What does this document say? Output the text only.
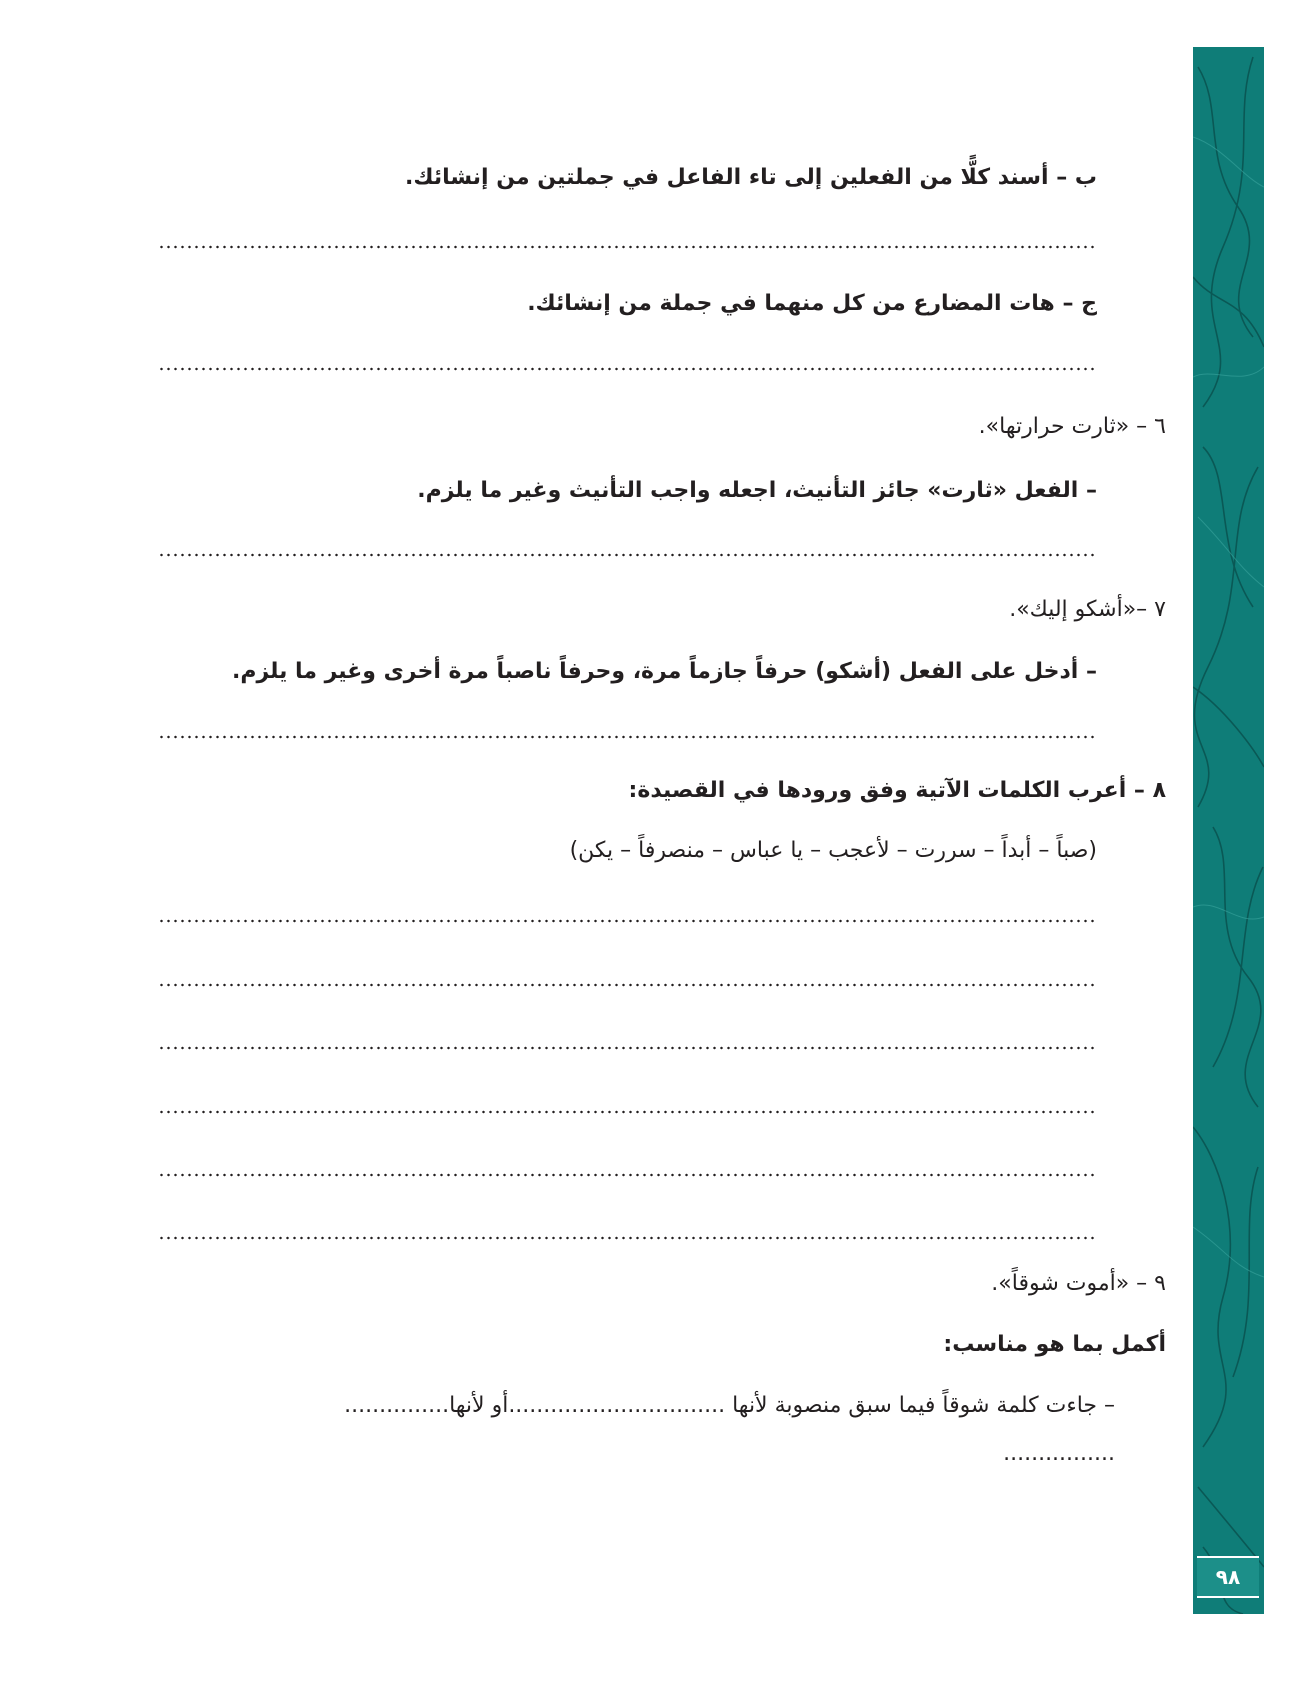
٩٨
ب – أسند كلًّا من الفعلين إلى تاء الفاعل في جملتين من إنشائك.
ج – هات المضارع من كل منهما في جملة من إنشائك.
٦ – «ثارت حرارتها».
– الفعل «ثارت» جائز التأنيث، اجعله واجب التأنيث وغير ما يلزم.
٧ –«أشكو إليك».
– أدخل على الفعل (أشكو) حرفاً جازماً مرة، وحرفاً ناصباً مرة أخرى وغير ما يلزم.
٨ – أعرب الكلمات الآتية وفق ورودها في القصيدة:
(صباً – أبداً – سررت – لأعجب – يا عباس – منصرفاً – يكن)
٩ – «أموت شوقاً».
أكمل بما هو مناسب:
– جاءت كلمة شوقاً فيما سبق منصوبة لأنها ...............................أو لأنها...............
................
